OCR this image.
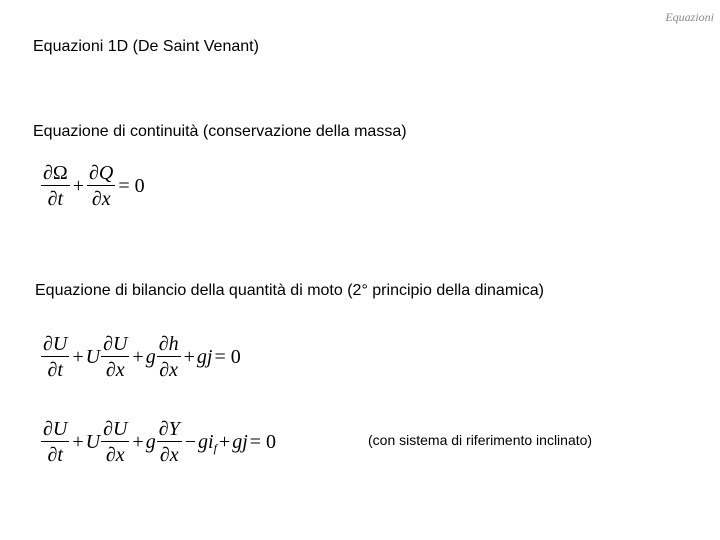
Equazioni
Equazioni 1D (De Saint Venant)
Equazione di continuità (conservazione della massa)
$\frac{\partial\Omega}{\partial t} + \frac{\partial Q}{\partial x} = 0$
Equazione di bilancio della quantità di moto (2° principio della dinamica)
$\frac{\partial U}{\partial t} + U \frac{\partial U}{\partial x} + g \frac{\partial h}{\partial x}$ + gj = 0
$\frac{\partial U}{\partial t} + U \frac{\partial U}{\partial x} + g \frac{\partial Y}{\partial x}$ − gi f + gj = 0	(con sistema di riferimento inclinato)
